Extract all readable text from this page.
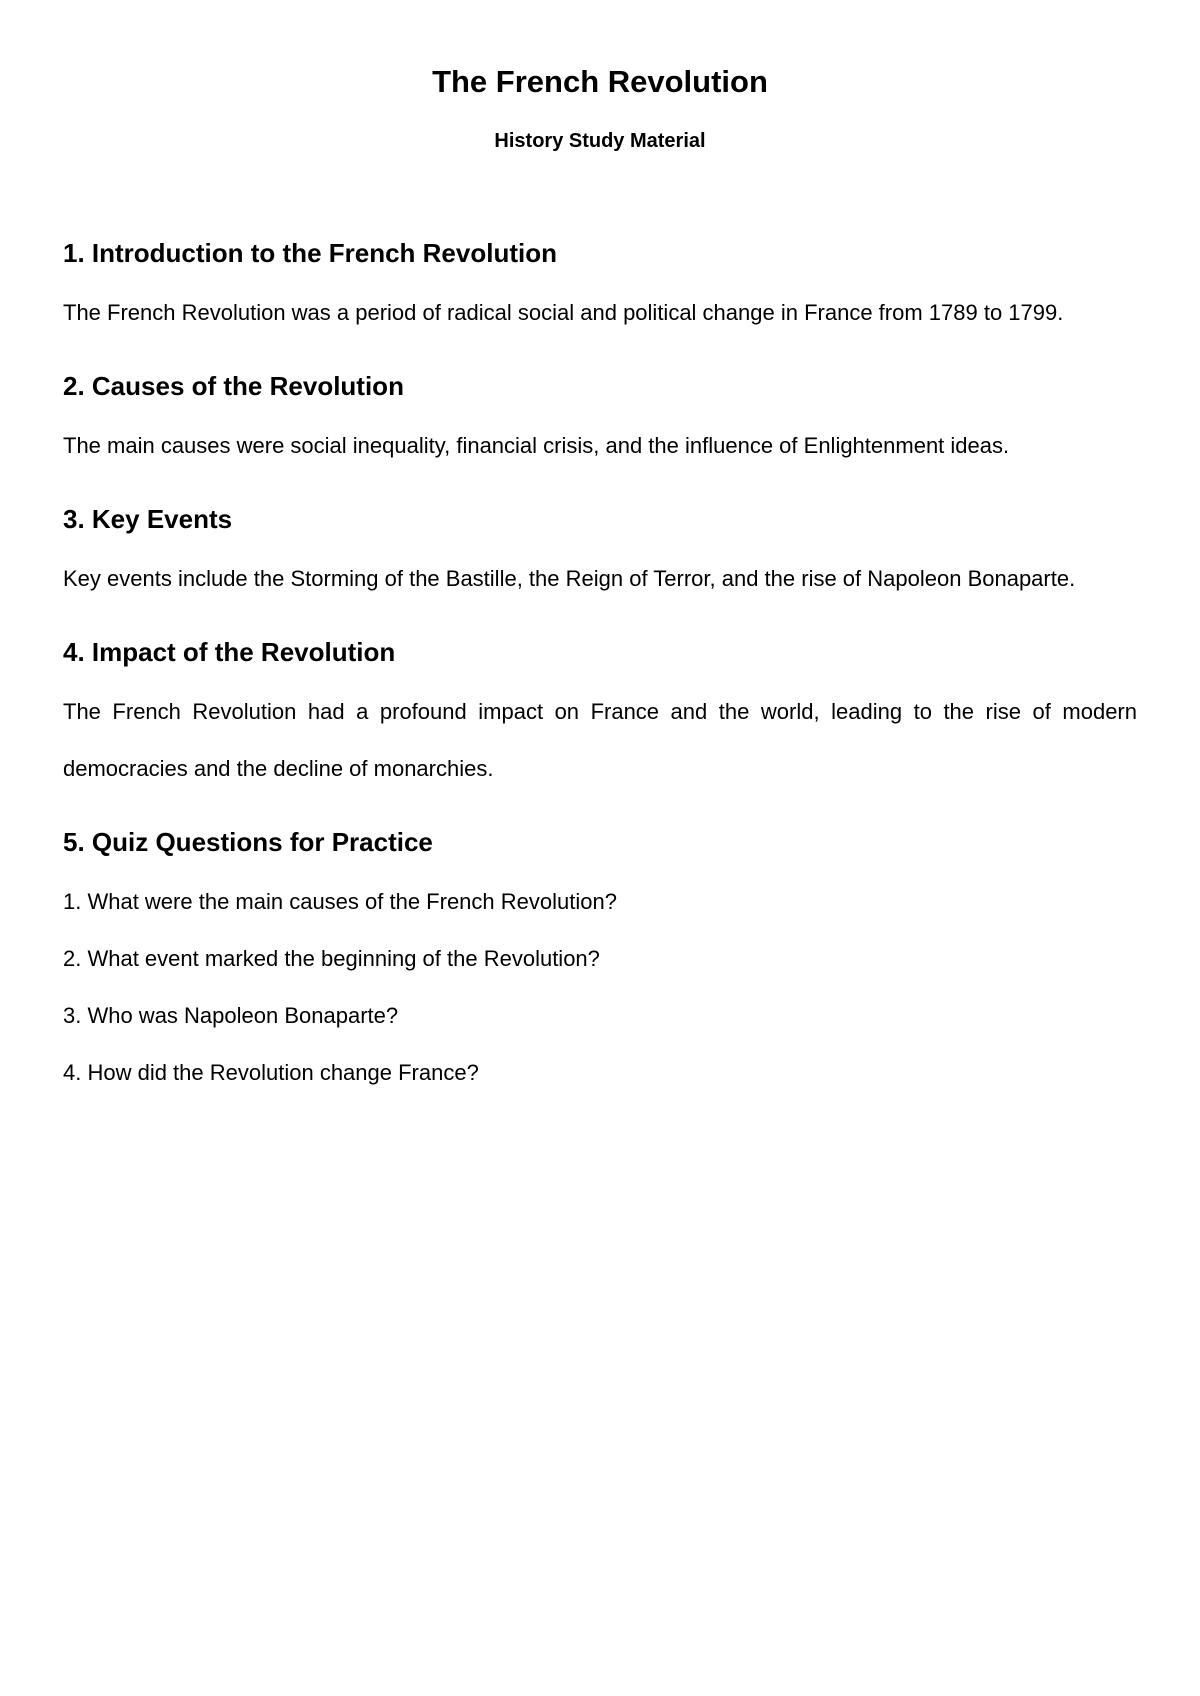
The French Revolution
History Study Material
1. Introduction to the French Revolution

The French Revolution was a period of radical social and political change in France from 1789 to 1799.

2. Causes of the Revolution

The main causes were social inequality, financial crisis, and the influence of Enlightenment ideas.

3. Key Events

Key events include the Storming of the Bastille, the Reign of Terror, and the rise of Napoleon Bonaparte.

4. Impact of the Revolution

The French Revolution had a profound impact on France and the world, leading to the rise of modern democracies and the decline of monarchies.

5. Quiz Questions for Practice
1. What were the main causes of the French Revolution?
2. What event marked the beginning of the Revolution?
3. Who was Napoleon Bonaparte?
4. How did the Revolution change France?
